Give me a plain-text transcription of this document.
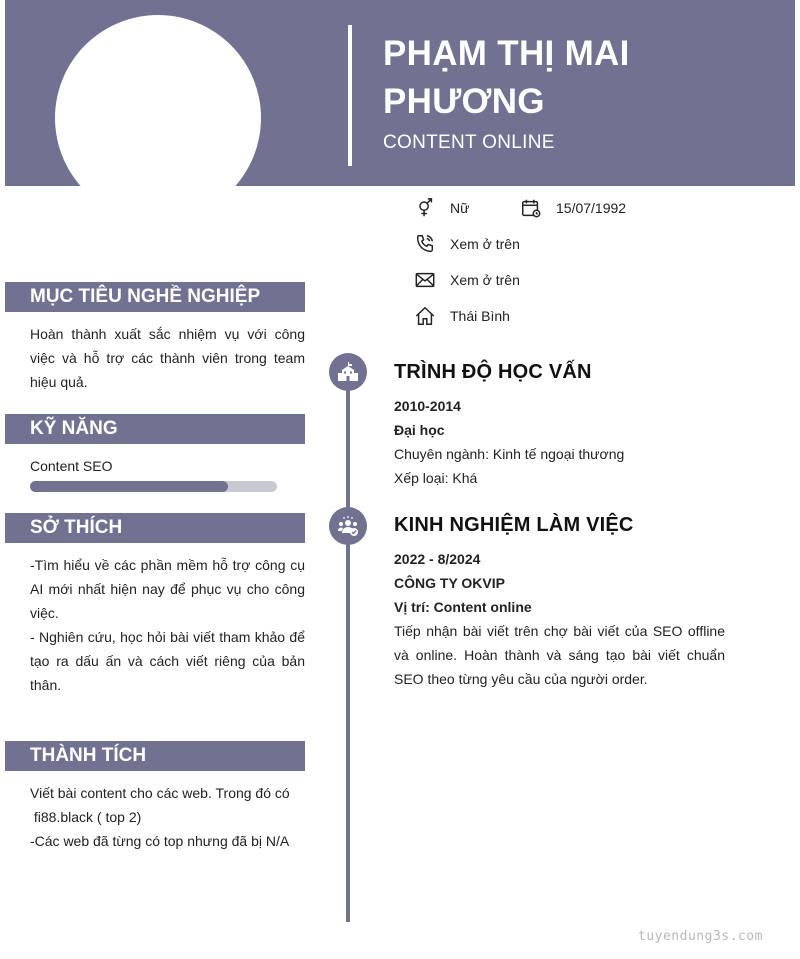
PHẠM THỊ MAI
PHƯƠNG
CONTENT ONLINE
Nữ	15/07/1992
Xem ở trên
Xem ở trên
Thái Bình
MỤC TIÊU NGHỀ NGHIỆP
Hoàn thành xuất sắc nhiệm vụ với công việc và hỗ trợ các thành viên trong team hiệu quả.
KỸ NĂNG
Content SEO
SỞ THÍCH
-Tìm hiểu về các phần mềm hỗ trợ công cụ AI mới nhất hiện nay để phục vụ cho công việc.
- Nghiên cứu, học hỏi bài viết tham khảo để tạo ra dấu ấn và cách viết riêng của bản thân.
THÀNH TÍCH
Viết bài content cho các web. Trong đó có
fi88.black ( top 2)
-Các web đã từng có top nhưng đã bị N/A
TRÌNH ĐỘ HỌC VẤN
2010-2014
Đại học
Chuyên ngành: Kinh tế ngoại thương
Xếp loại: Khá
KINH NGHIỆM LÀM VIỆC
2022 - 8/2024
CÔNG TY OKVIP
Vị trí: Content online
Tiếp nhận bài viết trên chợ bài viết của SEO offline và online. Hoàn thành và sáng tạo bài viết chuẩn SEO theo từng yêu cầu của người order.
tuyendung3s.com
